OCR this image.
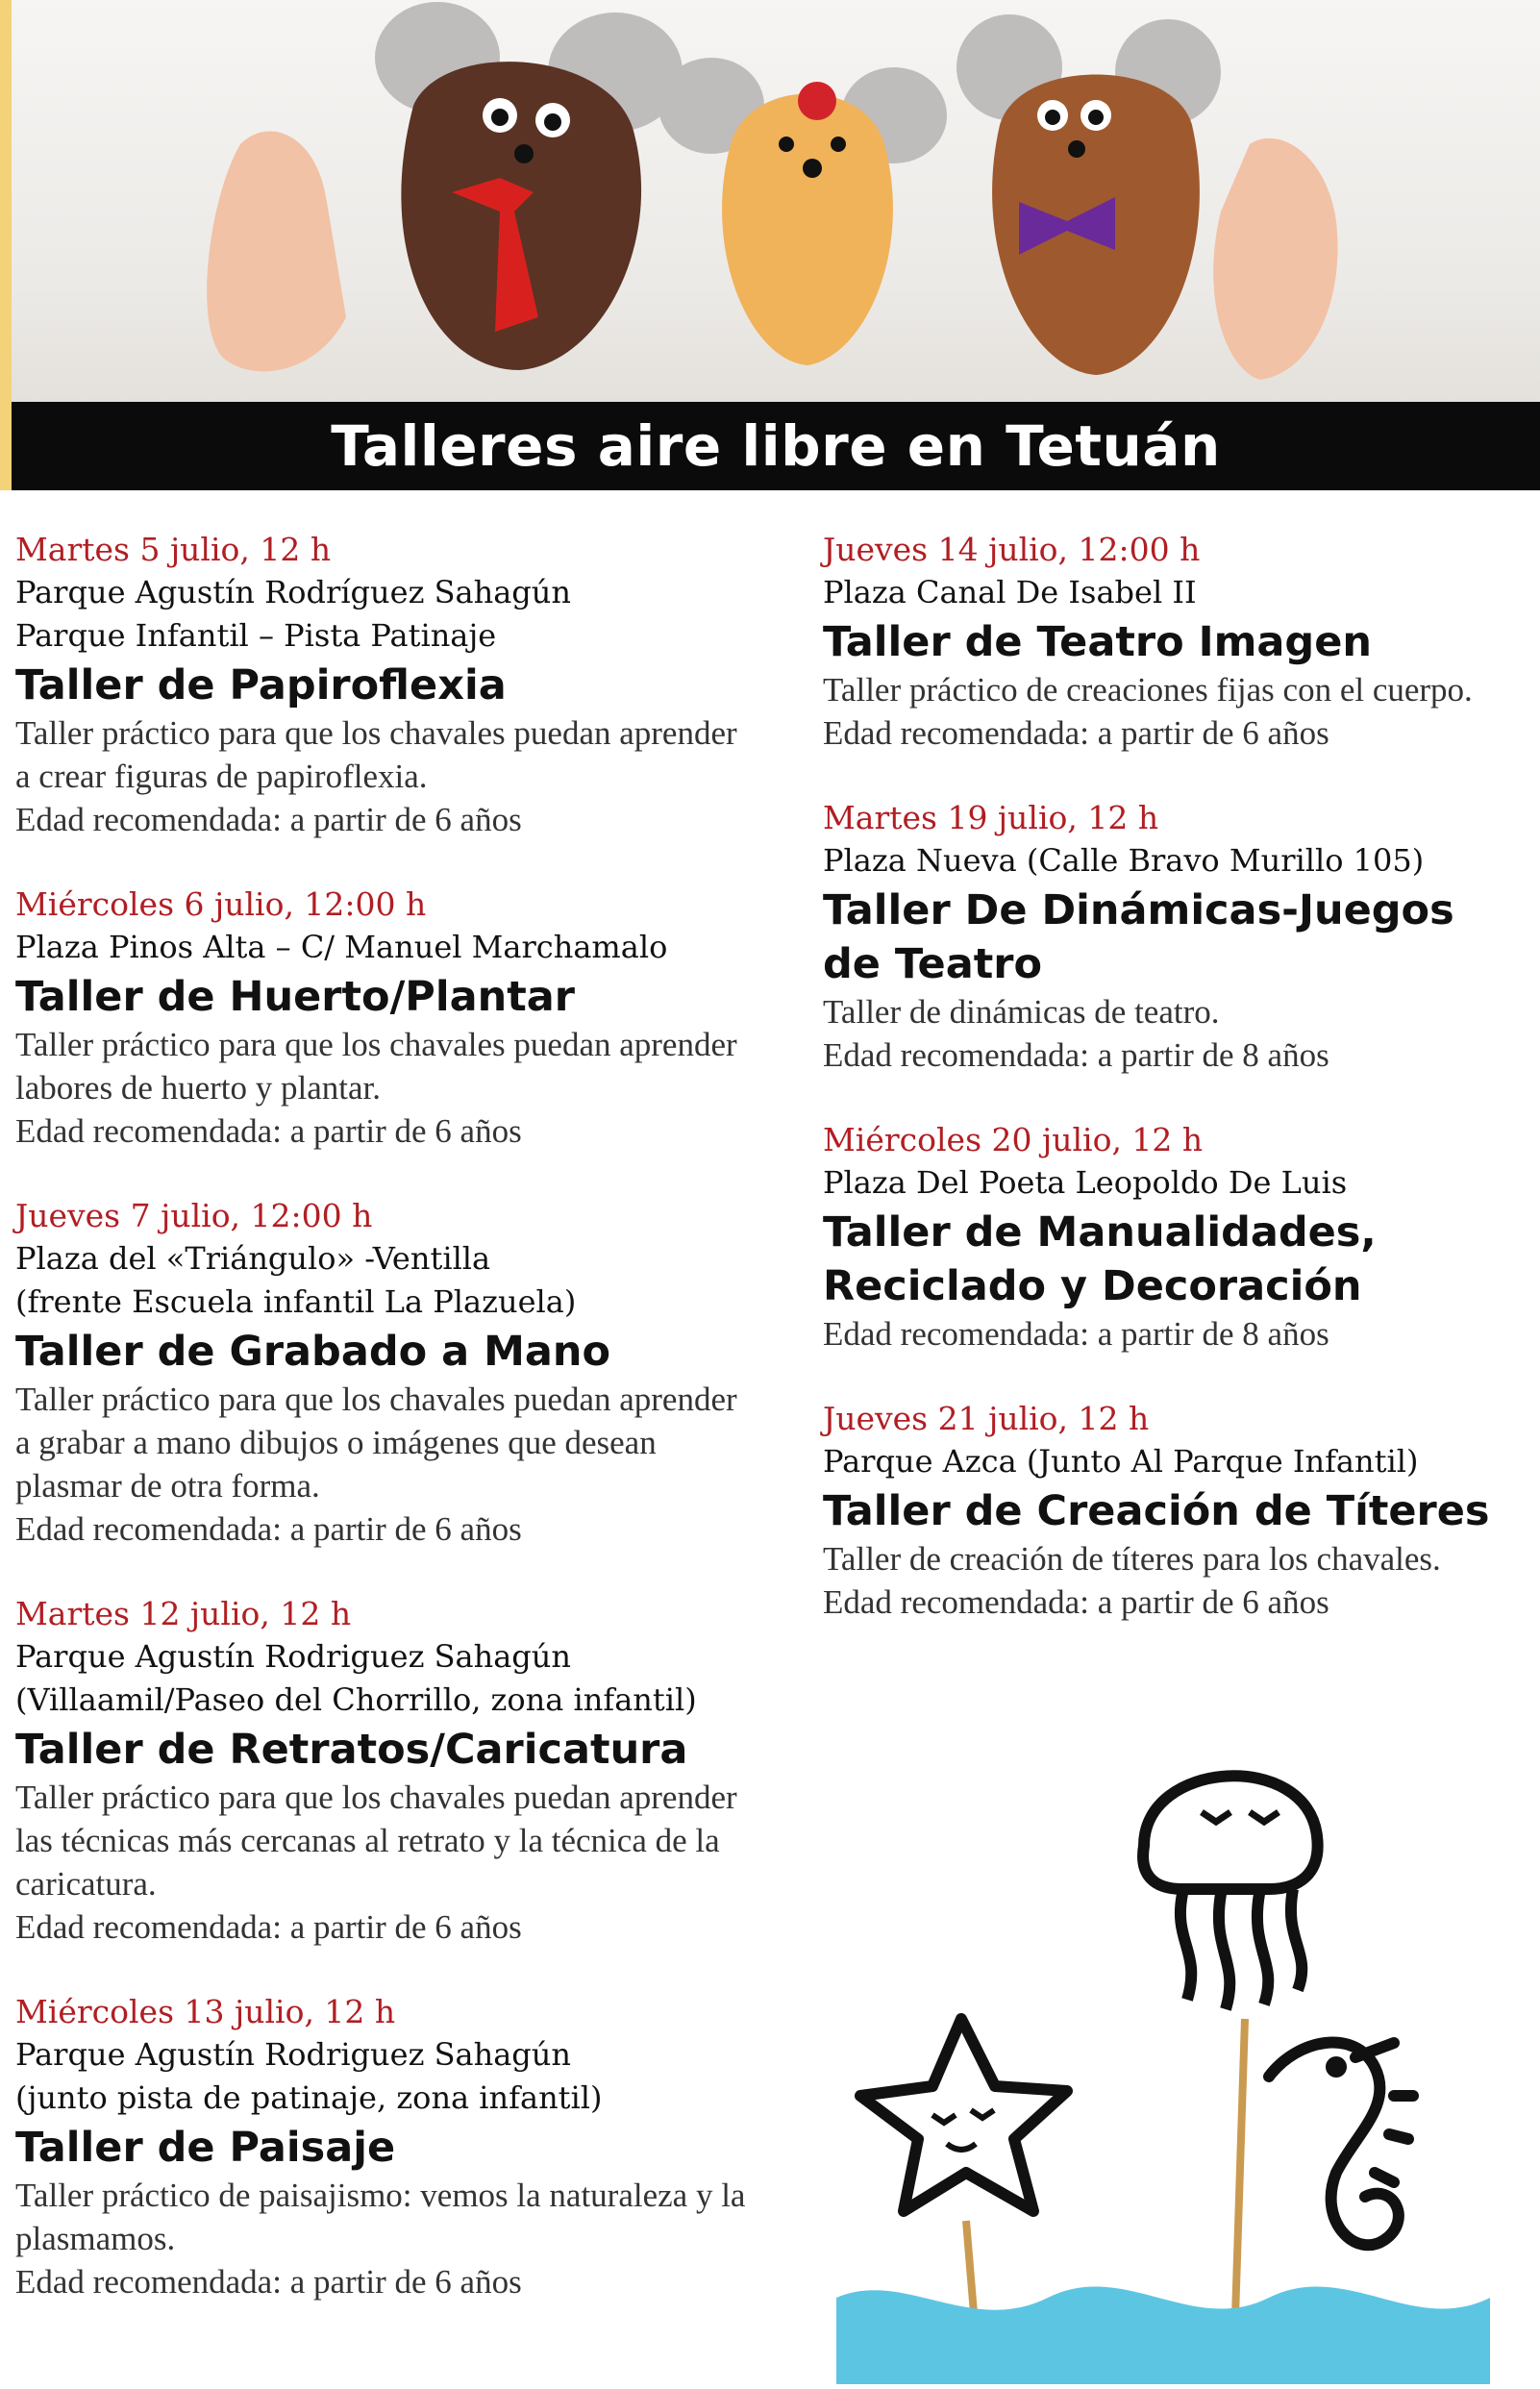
Talleres aire libre en Tetuán
Martes 5 julio, 12 h
Parque Agustín Rodríguez Sahagún
Parque Infantil – Pista Patinaje
Taller de Papiroflexia
Taller práctico para que los chavales puedan aprender a crear figuras de papiroflexia.
Edad recomendada: a partir de 6 años
Miércoles 6 julio, 12:00 h
Plaza Pinos Alta – C/ Manuel Marchamalo
Taller de Huerto/Plantar
Taller práctico para que los chavales puedan aprender labores de huerto y plantar.
Edad recomendada: a partir de 6 años
Jueves 7 julio, 12:00 h
Plaza del «Triángulo» -Ventilla
(frente Escuela infantil La Plazuela)
Taller de Grabado a Mano
Taller práctico para que los chavales puedan aprender a grabar a mano dibujos o imágenes que desean plasmar de otra forma.
Edad recomendada: a partir de 6 años
Martes 12 julio, 12 h
Parque Agustín Rodriguez Sahagún
(Villaamil/Paseo del Chorrillo, zona infantil)
Taller de Retratos/Caricatura
Taller práctico para que los chavales puedan aprender las técnicas más cercanas al retrato y la técnica de la caricatura.
Edad recomendada: a partir de 6 años
Miércoles 13 julio, 12 h
Parque Agustín Rodriguez Sahagún
(junto pista de patinaje, zona infantil)
Taller de Paisaje
Taller práctico de paisajismo: vemos la naturaleza y la plasmamos.
Edad recomendada: a partir de 6 años
Jueves 14 julio, 12:00 h
Plaza Canal De Isabel II
Taller de Teatro Imagen
Taller práctico de creaciones fijas con el cuerpo.
Edad recomendada: a partir de 6 años
Martes 19 julio, 12 h
Plaza Nueva (Calle Bravo Murillo 105)
Taller De Dinámicas-Juegos
de Teatro
Taller de dinámicas de teatro.
Edad recomendada: a partir de 8 años
Miércoles 20 julio, 12 h
Plaza Del Poeta Leopoldo De Luis
Taller de Manualidades,
Reciclado y Decoración
Edad recomendada: a partir de 8 años
Jueves 21 julio, 12 h
Parque Azca (Junto Al Parque Infantil)
Taller de Creación de Títeres
Taller de creación de títeres para los chavales.
Edad recomendada: a partir de 6 años
